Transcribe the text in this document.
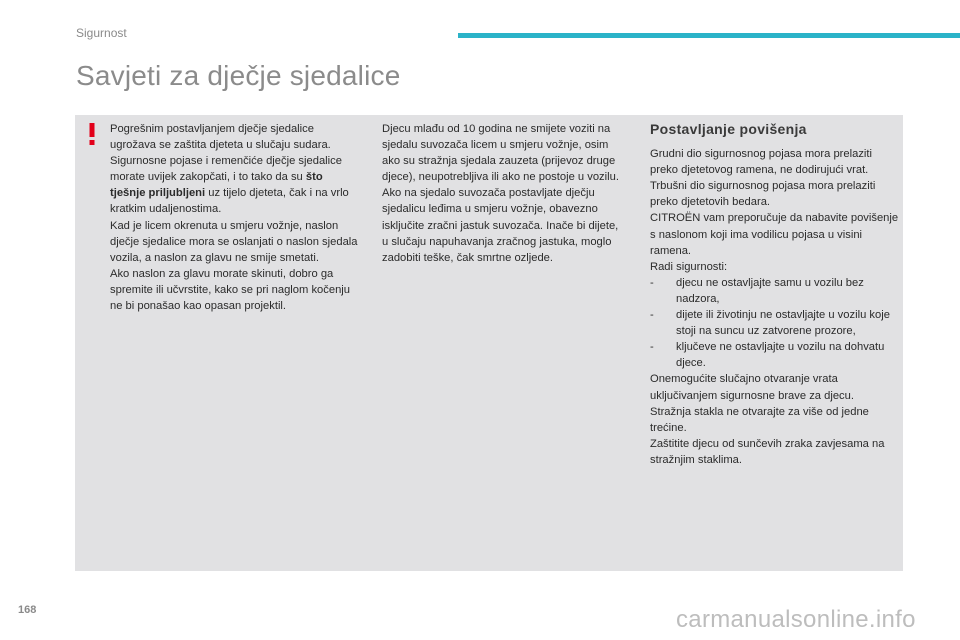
Sigurnost
Savjeti za dječje sjedalice

Pogrešnim postavljanjem dječje sjedalice ugrožava se zaštita djeteta u slučaju sudara. Sigurnosne pojase i remenčiće dječje sjedalice morate uvijek zakopčati, i to tako da su što tješnje priljubljeni uz tijelo djeteta, čak i na vrlo kratkim udaljenostima.

Kad je licem okrenuta u smjeru vožnje, naslon dječje sjedalice mora se oslanjati o naslon sjedala vozila, a naslon za glavu ne smije smetati.

Ako naslon za glavu morate skinuti, dobro ga spremite ili učvrstite, kako se pri naglom kočenju ne bi ponašao kao opasan projektil.

Djecu mlađu od 10 godina ne smijete voziti na sjedalu suvozača licem u smjeru vožnje, osim ako su stražnja sjedala zauzeta (prijevoz druge djece), neupotrebljiva ili ako ne postoje u vozilu.

Ako na sjedalo suvozača postavljate dječju sjedalicu leđima u smjeru vožnje, obavezno isključite zračni jastuk suvozača. Inače bi dijete, u slučaju napuhavanja zračnog jastuka, moglo zadobiti teške, čak smrtne ozljede.

Postavljanje povišenja

Grudni dio sigurnosnog pojasa mora prelaziti preko djetetovog ramena, ne dodirujući vrat.

Trbušni dio sigurnosnog pojasa mora prelaziti preko djetetovih bedara.

CITROËN vam preporučuje da nabavite povišenje s naslonom koji ima vodilicu pojasa u visini ramena.

Radi sigurnosti:

-	djecu ne ostavljajte samu u vozilu bez nadzora,
-	dijete ili životinju ne ostavljajte u vozilu koje stoji na suncu uz zatvorene prozore,
-	ključeve ne ostavljajte u vozilu na dohvatu djece.

Onemogućite slučajno otvaranje vrata uključivanjem sigurnosne brave za djecu.

Stražnja stakla ne otvarajte za više od jedne trećine.

Zaštitite djecu od sunčevih zraka zavjesama na stražnjim staklima.

168	carmanualsonline.info
